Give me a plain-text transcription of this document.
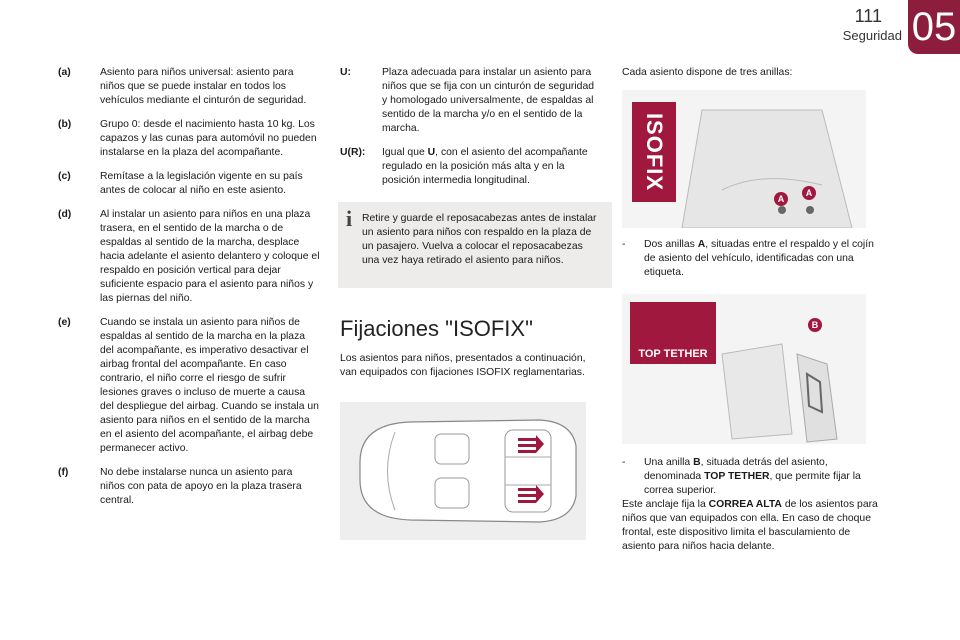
111
Seguridad 05
(a)	Asiento para niños universal: asiento para niños que se puede instalar en todos los vehículos mediante el cinturón de seguridad.
(b)	Grupo 0: desde el nacimiento hasta 10 kg. Los capazos y las cunas para automóvil no pueden instalarse en la plaza del acompañante.
(c)	Remítase a la legislación vigente en su país antes de colocar al niño en este asiento.
(d)	Al instalar un asiento para niños en una plaza trasera, en el sentido de la marcha o de espaldas al sentido de la marcha, desplace hacia adelante el asiento delantero y coloque el respaldo en posición vertical para dejar suficiente espacio para el asiento para niños y las piernas del niño.
(e)	Cuando se instala un asiento para niños de espaldas al sentido de la marcha en la plaza del acompañante, es imperativo desactivar el airbag frontal del acompañante. En caso contrario, el niño corre el riesgo de sufrir lesiones graves o incluso de muerte a causa del despliegue del airbag. Cuando se instala un asiento para niños en el sentido de la marcha en el asiento del acompañante, el airbag debe permanecer activo.
(f)	No debe instalarse nunca un asiento para niños con pata de apoyo en la plaza trasera central.
U:	Plaza adecuada para instalar un asiento para niños que se fija con un cinturón de seguridad y homologado universalmente, de espaldas al sentido de la marcha y/o en el sentido de la marcha.
U(R):	Igual que U, con el asiento del acompañante regulado en la posición más alta y en la posición intermedia longitudinal.
i Retire y guarde el reposacabezas antes de instalar un asiento para niños con respaldo en la plaza de un pasajero. Vuelva a colocar el reposacabezas una vez haya retirado el asiento para niños.
Fijaciones "ISOFIX"
Los asientos para niños, presentados a continuación, van equipados con fijaciones ISOFIX reglamentarias.
Cada asiento dispone de tres anillas:
ISOFIX
A
A
-	Dos anillas A, situadas entre el respaldo y el cojín de asiento del vehículo, identificadas con una etiqueta.
TOP TETHER
B
-	Una anilla B, situada detrás del asiento, denominada TOP TETHER, que permite fijar la correa superior.
Este anclaje fija la CORREA ALTA de los asientos para niños que van equipados con ella. En caso de choque frontal, este dispositivo limita el basculamiento de asiento para niños hacia delante.
